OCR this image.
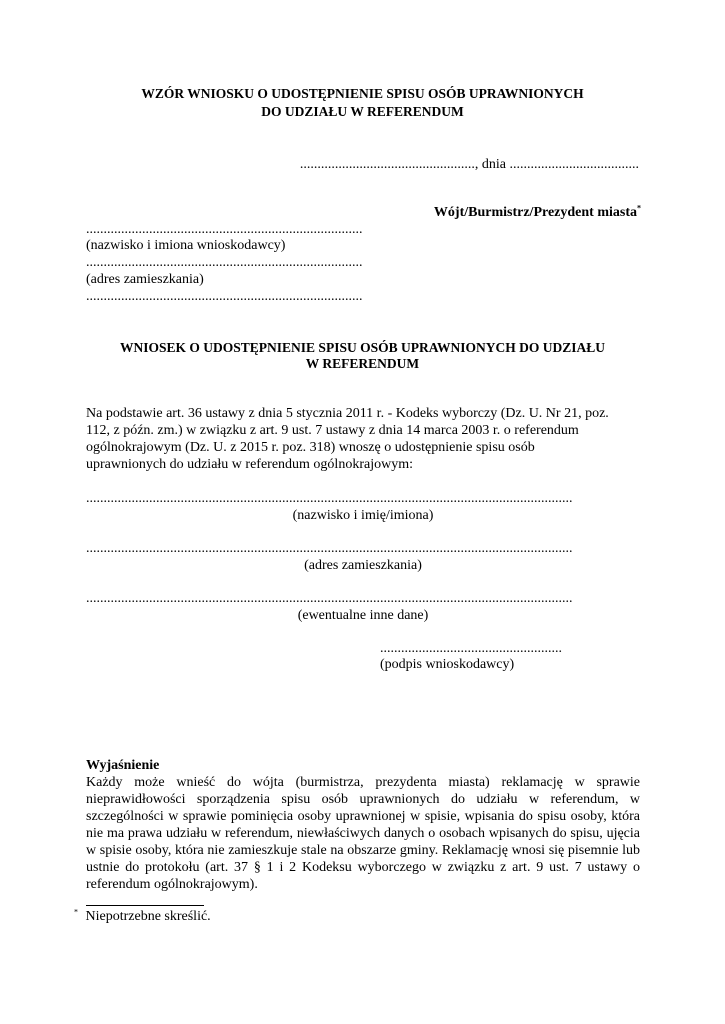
WZÓR WNIOSKU O UDOSTĘPNIENIE SPISU OSÓB UPRAWNIONYCH
DO UDZIAŁU W REFERENDUM
.................................................., dnia .....................................
Wójt/Burmistrz/Prezydent miasta*
...............................................................................
(nazwisko i imiona wnioskodawcy)
...............................................................................
(adres zamieszkania)
...............................................................................
WNIOSEK O UDOSTĘPNIENIE SPISU OSÓB UPRAWNIONYCH DO UDZIAŁU
W REFERENDUM
Na podstawie art. 36 ustawy z dnia 5 stycznia 2011 r. - Kodeks wyborczy (Dz. U. Nr 21, poz.
112, z późn. zm.) w związku z art. 9 ust. 7 ustawy z dnia 14 marca 2003 r. o referendum
ogólnokrajowym (Dz. U. z 2015 r. poz. 318) wnoszę o udostępnienie spisu osób
uprawnionych do udziału w referendum ogólnokrajowym:
...........................................................................................................................................
(nazwisko i imię/imiona)
...........................................................................................................................................
(adres zamieszkania)
...........................................................................................................................................
(ewentualne inne dane)
....................................................
(podpis wnioskodawcy)
Wyjaśnienie
Każdy może wnieść do wójta (burmistrza, prezydenta miasta) reklamację w sprawie nieprawidłowości sporządzenia spisu osób uprawnionych do udziału w referendum, w szczególności w sprawie pominięcia osoby uprawnionej w spisie, wpisania do spisu osoby, która nie ma prawa udziału w referendum, niewłaściwych danych o osobach wpisanych do spisu, ujęcia w spisie osoby, która nie zamieszkuje stale na obszarze gminy. Reklamację wnosi się pisemnie lub ustnie do protokołu (art. 37 § 1 i 2 Kodeksu wyborczego w związku z art. 9 ust. 7 ustawy o referendum ogólnokrajowym).
* Niepotrzebne skreślić.
